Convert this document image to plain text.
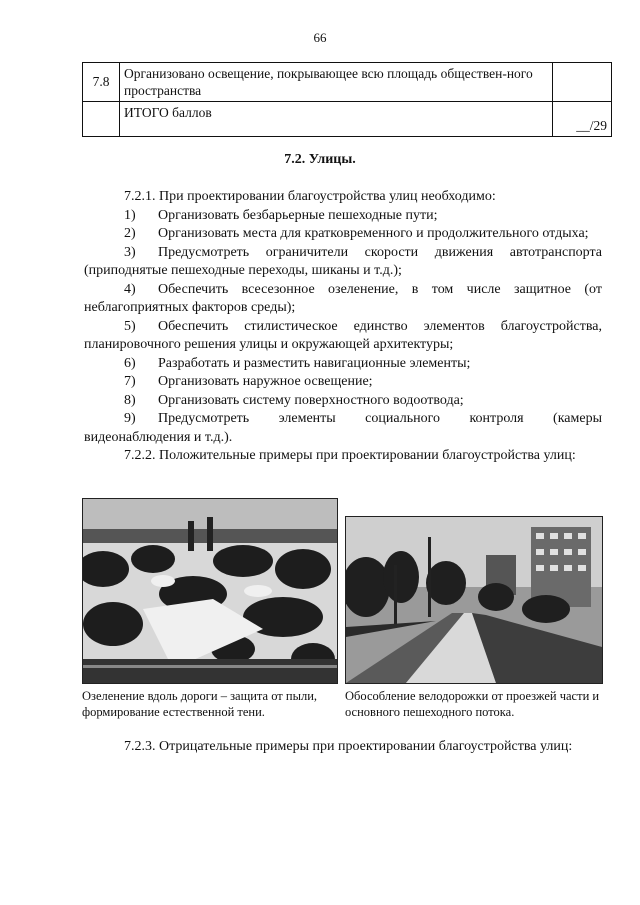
66
7.8	Организовано освещение, покрывающее всю площадь обществен-ного пространства	
	ИТОГО баллов	__/29
7.2. Улицы.

7.2.1. При проектировании благоустройства улиц необходимо:

1) Организовать безбарьерные пешеходные пути;

2) Организовать места для кратковременного и продолжительного отдыха;

3) Предусмотреть ограничители скорости движения автотранспорта (приподнятые пешеходные переходы, шиканы и т.д.);

4) Обеспечить всесезонное озеленение, в том числе защитное (от неблагоприятных факторов среды);

5) Обеспечить стилистическое единство элементов благоустройства, планировочного решения улицы и окружающей архитектуры;

6) Разработать и разместить навигационные элементы;

7) Организовать наружное освещение;

8) Организовать систему поверхностного водоотвода;

9) Предусмотреть элементы социального контроля (камеры видеонаблюдения и т.д.).

7.2.2. Положительные примеры при проектировании благоустройства улиц:

Озеленение вдоль дороги – защита от пыли, формирование естественной тени.
Обособление велодорожки от проезжей части и основного пешеходного потока.

7.2.3. Отрицательные примеры при проектировании благоустройства улиц:
